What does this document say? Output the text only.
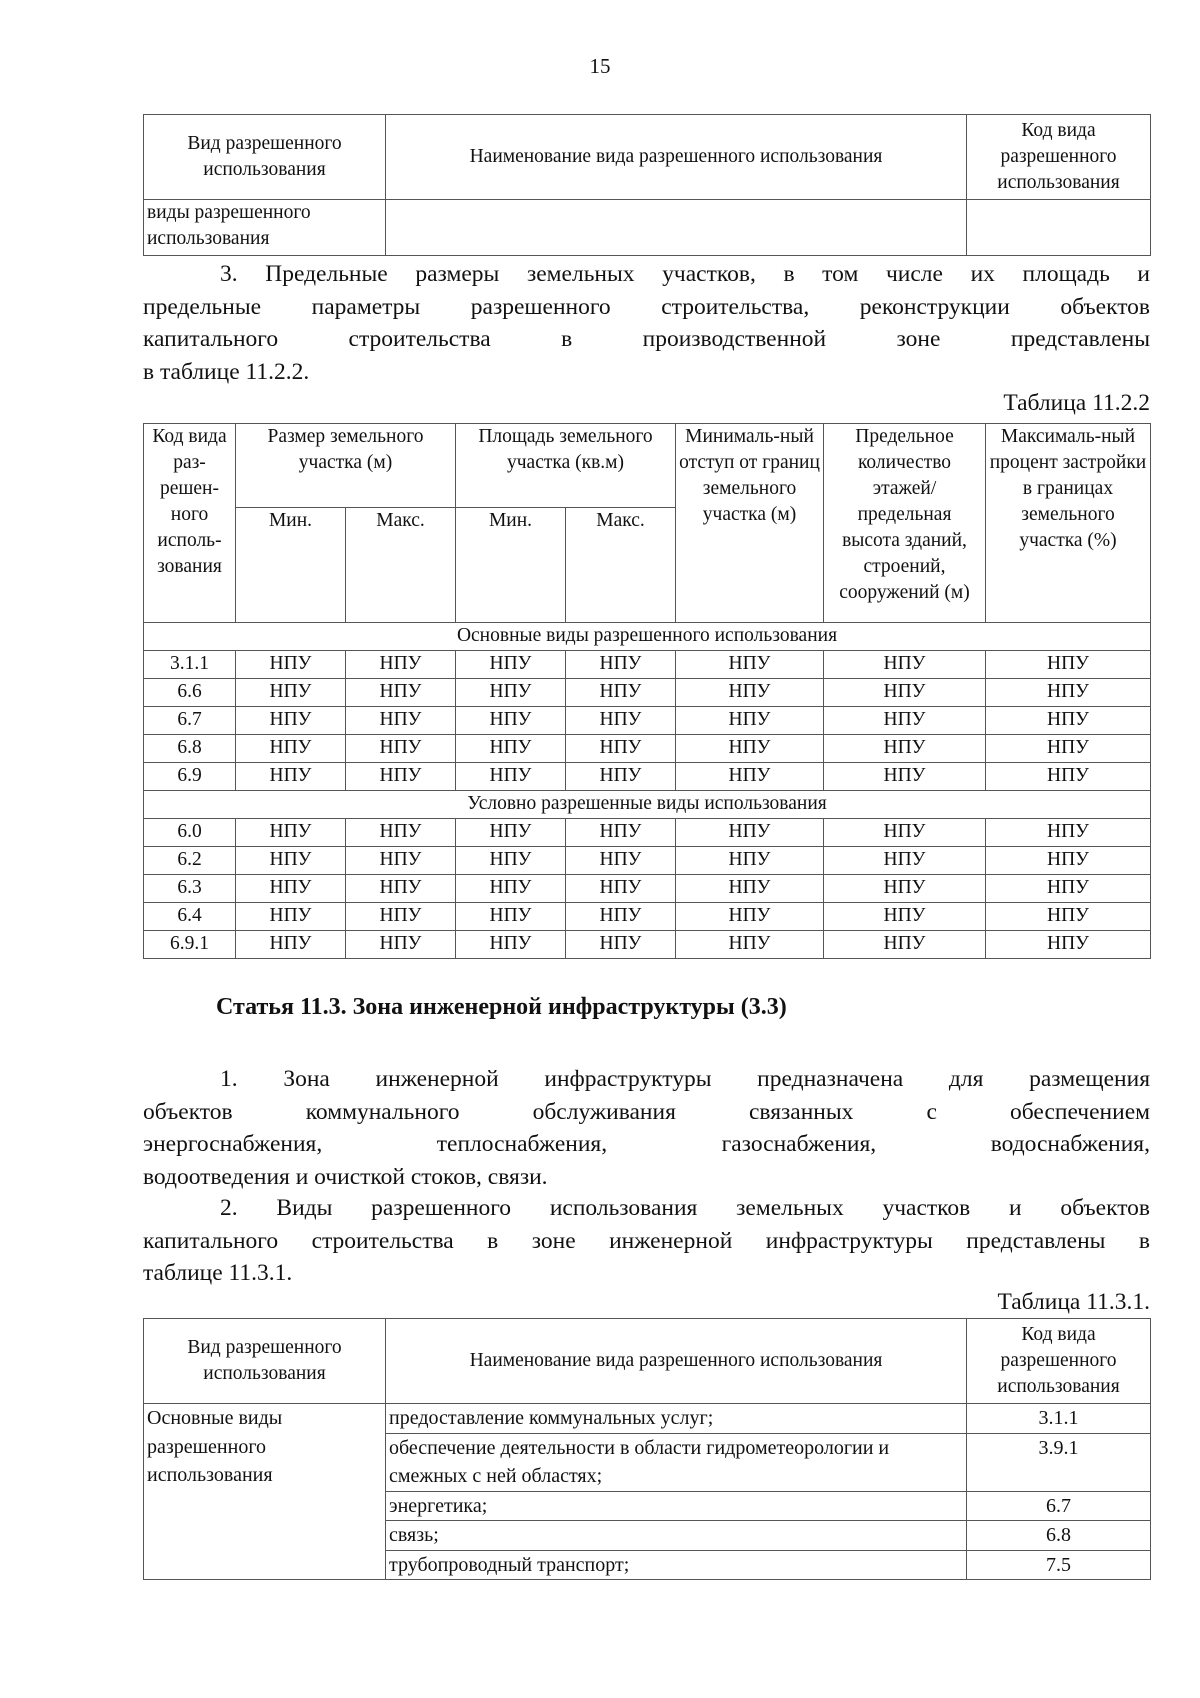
15
Вид разрешенного использования	Наименование вида разрешенного использования	Код вида разрешенного использования
виды разрешенного использования		
3. Предельные размеры земельных участков, в том числе их площадь и
предельные параметры разрешенного строительства, реконструкции объектов
капитального строительства в производственной зоне представлены
в таблице 11.2.2.
Таблица 11.2.2
Код вида раз-решен-ного исполь-зования	Размер земельного участка (м)		Площадь земельного участка (кв.м)		Минималь-ный отступ от границ земельного участка (м)	Предельное количество этажей/ предельная высота зданий, строений, сооружений (м)	Максималь-ный процент застройки в границах земельного участка (%)
	Мин.	Макс.	Мин.	Макс.			
Основные виды разрешенного использования							
3.1.1	НПУ	НПУ	НПУ	НПУ	НПУ	НПУ	НПУ
6.6	НПУ	НПУ	НПУ	НПУ	НПУ	НПУ	НПУ
6.7	НПУ	НПУ	НПУ	НПУ	НПУ	НПУ	НПУ
6.8	НПУ	НПУ	НПУ	НПУ	НПУ	НПУ	НПУ
6.9	НПУ	НПУ	НПУ	НПУ	НПУ	НПУ	НПУ
Условно разрешенные виды использования							
6.0	НПУ	НПУ	НПУ	НПУ	НПУ	НПУ	НПУ
6.2	НПУ	НПУ	НПУ	НПУ	НПУ	НПУ	НПУ
6.3	НПУ	НПУ	НПУ	НПУ	НПУ	НПУ	НПУ
6.4	НПУ	НПУ	НПУ	НПУ	НПУ	НПУ	НПУ
6.9.1	НПУ	НПУ	НПУ	НПУ	НПУ	НПУ	НПУ

Статья 11.3. Зона инженерной инфраструктуры (3.3)

1. Зона инженерной инфраструктуры предназначена для размещения
объектов коммунального обслуживания связанных с обеспечением
энергоснабжения, теплоснабжения, газоснабжения, водоснабжения,
водоотведения и очисткой стоков, связи.
2. Виды разрешенного использования земельных участков и объектов
капитального строительства в зоне инженерной инфраструктуры представлены в
таблице 11.3.1.
Таблица 11.3.1.
Вид разрешенного использования	Наименование вида разрешенного использования	Код вида разрешенного использования
Основные виды разрешенного использования	предоставление коммунальных услуг;	3.1.1
	обеспечение деятельности в области гидрометеорологии и смежных с ней областях;	3.9.1
	энергетика;	6.7
	связь;	6.8
	трубопроводный транспорт;	7.5
